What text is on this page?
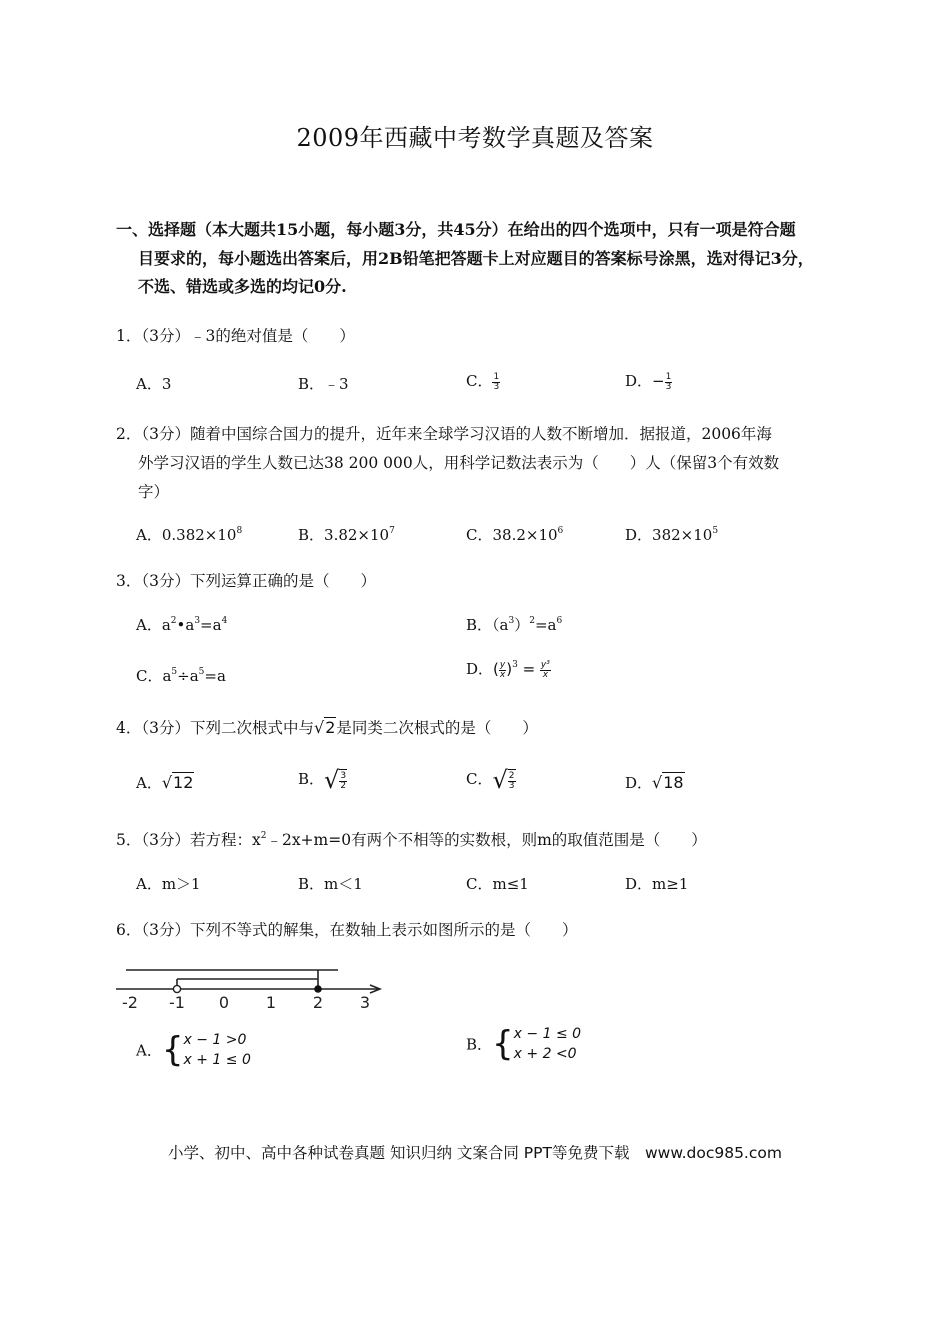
2009年西藏中考数学真题及答案
一、选择题（本大题共15小题，每小题3分，共45分）在给出的四个选项中，只有一项是符合题
目要求的，每小题选出答案后，用2B铅笔把答题卡上对应题目的答案标号涂黑，选对得记3分，
不选、错选或多选的均记0分.
1．（3分）﹣3的绝对值是（　　）
A．3	B．﹣3	C． $\frac{1}{3}$	D．− $\frac{1}{3}$
2．（3分）随着中国综合国力的提升，近年来全球学习汉语的人数不断增加．据报道，2006年海
外学习汉语的学生人数已达38 200 000人，用科学记数法表示为（　　）人（保留3个有效数
字）
A．$0.382\times 10^8$	B．$3.82\times 10^7$	C．$38.2\times 10^6$	D．$382\times 10^5$
3．（3分）下列运算正确的是（　　）
A．$a^2•a^3=a^4$	B．$(a^3)^2=a^6$
C．$a^5\div a^5=a$	D．( $\frac{y}{x} )^3 = \frac{\text{y³}}{x}$
4．（3分）下列二次根式中与√2是同类二次根式的是（　　）
A．√12	B．√ $\frac{3}{2}$	C．√ $\frac{2}{3}$	D．√18
5．（3分）若方程：$x^2﹣2x+m=0$有两个不相等的实数根，则m的取值范围是（　　）
A．m＞1	B．m＜1	C．m≤1	D．m≥1
6．（3分）下列不等式的解集，在数轴上表示如图所示的是（　　）
-2 -1 0 1 2 3
A．{ x − 1 >0
x + 1 ≤ 0
B．{ x − 1 ≤ 0
x + 2 <0
小学、初中、高中各种试卷真题 知识归纳 文案合同 PPT等免费下载　www.doc985.com
